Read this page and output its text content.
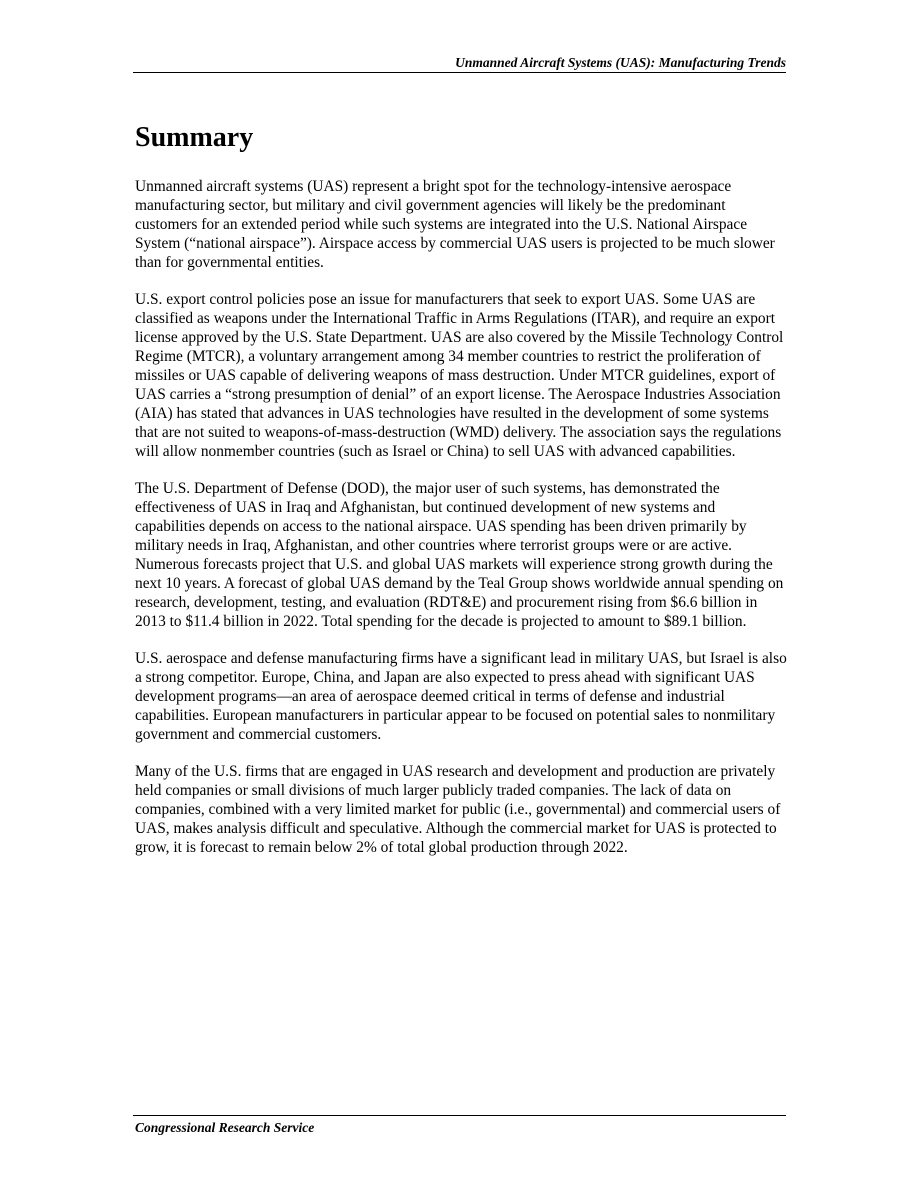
Unmanned Aircraft Systems (UAS): Manufacturing Trends
Summary

Unmanned aircraft systems (UAS) represent a bright spot for the technology-intensive aerospace manufacturing sector, but military and civil government agencies will likely be the predominant customers for an extended period while such systems are integrated into the U.S. National Airspace System (“national airspace”). Airspace access by commercial UAS users is projected to be much slower than for governmental entities.

U.S. export control policies pose an issue for manufacturers that seek to export UAS. Some UAS are classified as weapons under the International Traffic in Arms Regulations (ITAR), and require an export license approved by the U.S. State Department. UAS are also covered by the Missile Technology Control Regime (MTCR), a voluntary arrangement among 34 member countries to restrict the proliferation of missiles or UAS capable of delivering weapons of mass destruction. Under MTCR guidelines, export of UAS carries a “strong presumption of denial” of an export license. The Aerospace Industries Association (AIA) has stated that advances in UAS technologies have resulted in the development of some systems that are not suited to weapons-of-mass-destruction (WMD) delivery. The association says the regulations will allow nonmember countries (such as Israel or China) to sell UAS with advanced capabilities.

The U.S. Department of Defense (DOD), the major user of such systems, has demonstrated the effectiveness of UAS in Iraq and Afghanistan, but continued development of new systems and capabilities depends on access to the national airspace. UAS spending has been driven primarily by military needs in Iraq, Afghanistan, and other countries where terrorist groups were or are active. Numerous forecasts project that U.S. and global UAS markets will experience strong growth during the next 10 years. A forecast of global UAS demand by the Teal Group shows worldwide annual spending on research, development, testing, and evaluation (RDT&E) and procurement rising from $6.6 billion in 2013 to $11.4 billion in 2022. Total spending for the decade is projected to amount to $89.1 billion.

U.S. aerospace and defense manufacturing firms have a significant lead in military UAS, but Israel is also a strong competitor. Europe, China, and Japan are also expected to press ahead with significant UAS development programs—an area of aerospace deemed critical in terms of defense and industrial capabilities. European manufacturers in particular appear to be focused on potential sales to nonmilitary government and commercial customers.

Many of the U.S. firms that are engaged in UAS research and development and production are privately held companies or small divisions of much larger publicly traded companies. The lack of data on companies, combined with a very limited market for public (i.e., governmental) and commercial users of UAS, makes analysis difficult and speculative. Although the commercial market for UAS is protected to grow, it is forecast to remain below 2% of total global production through 2022.

Congressional Research Service
